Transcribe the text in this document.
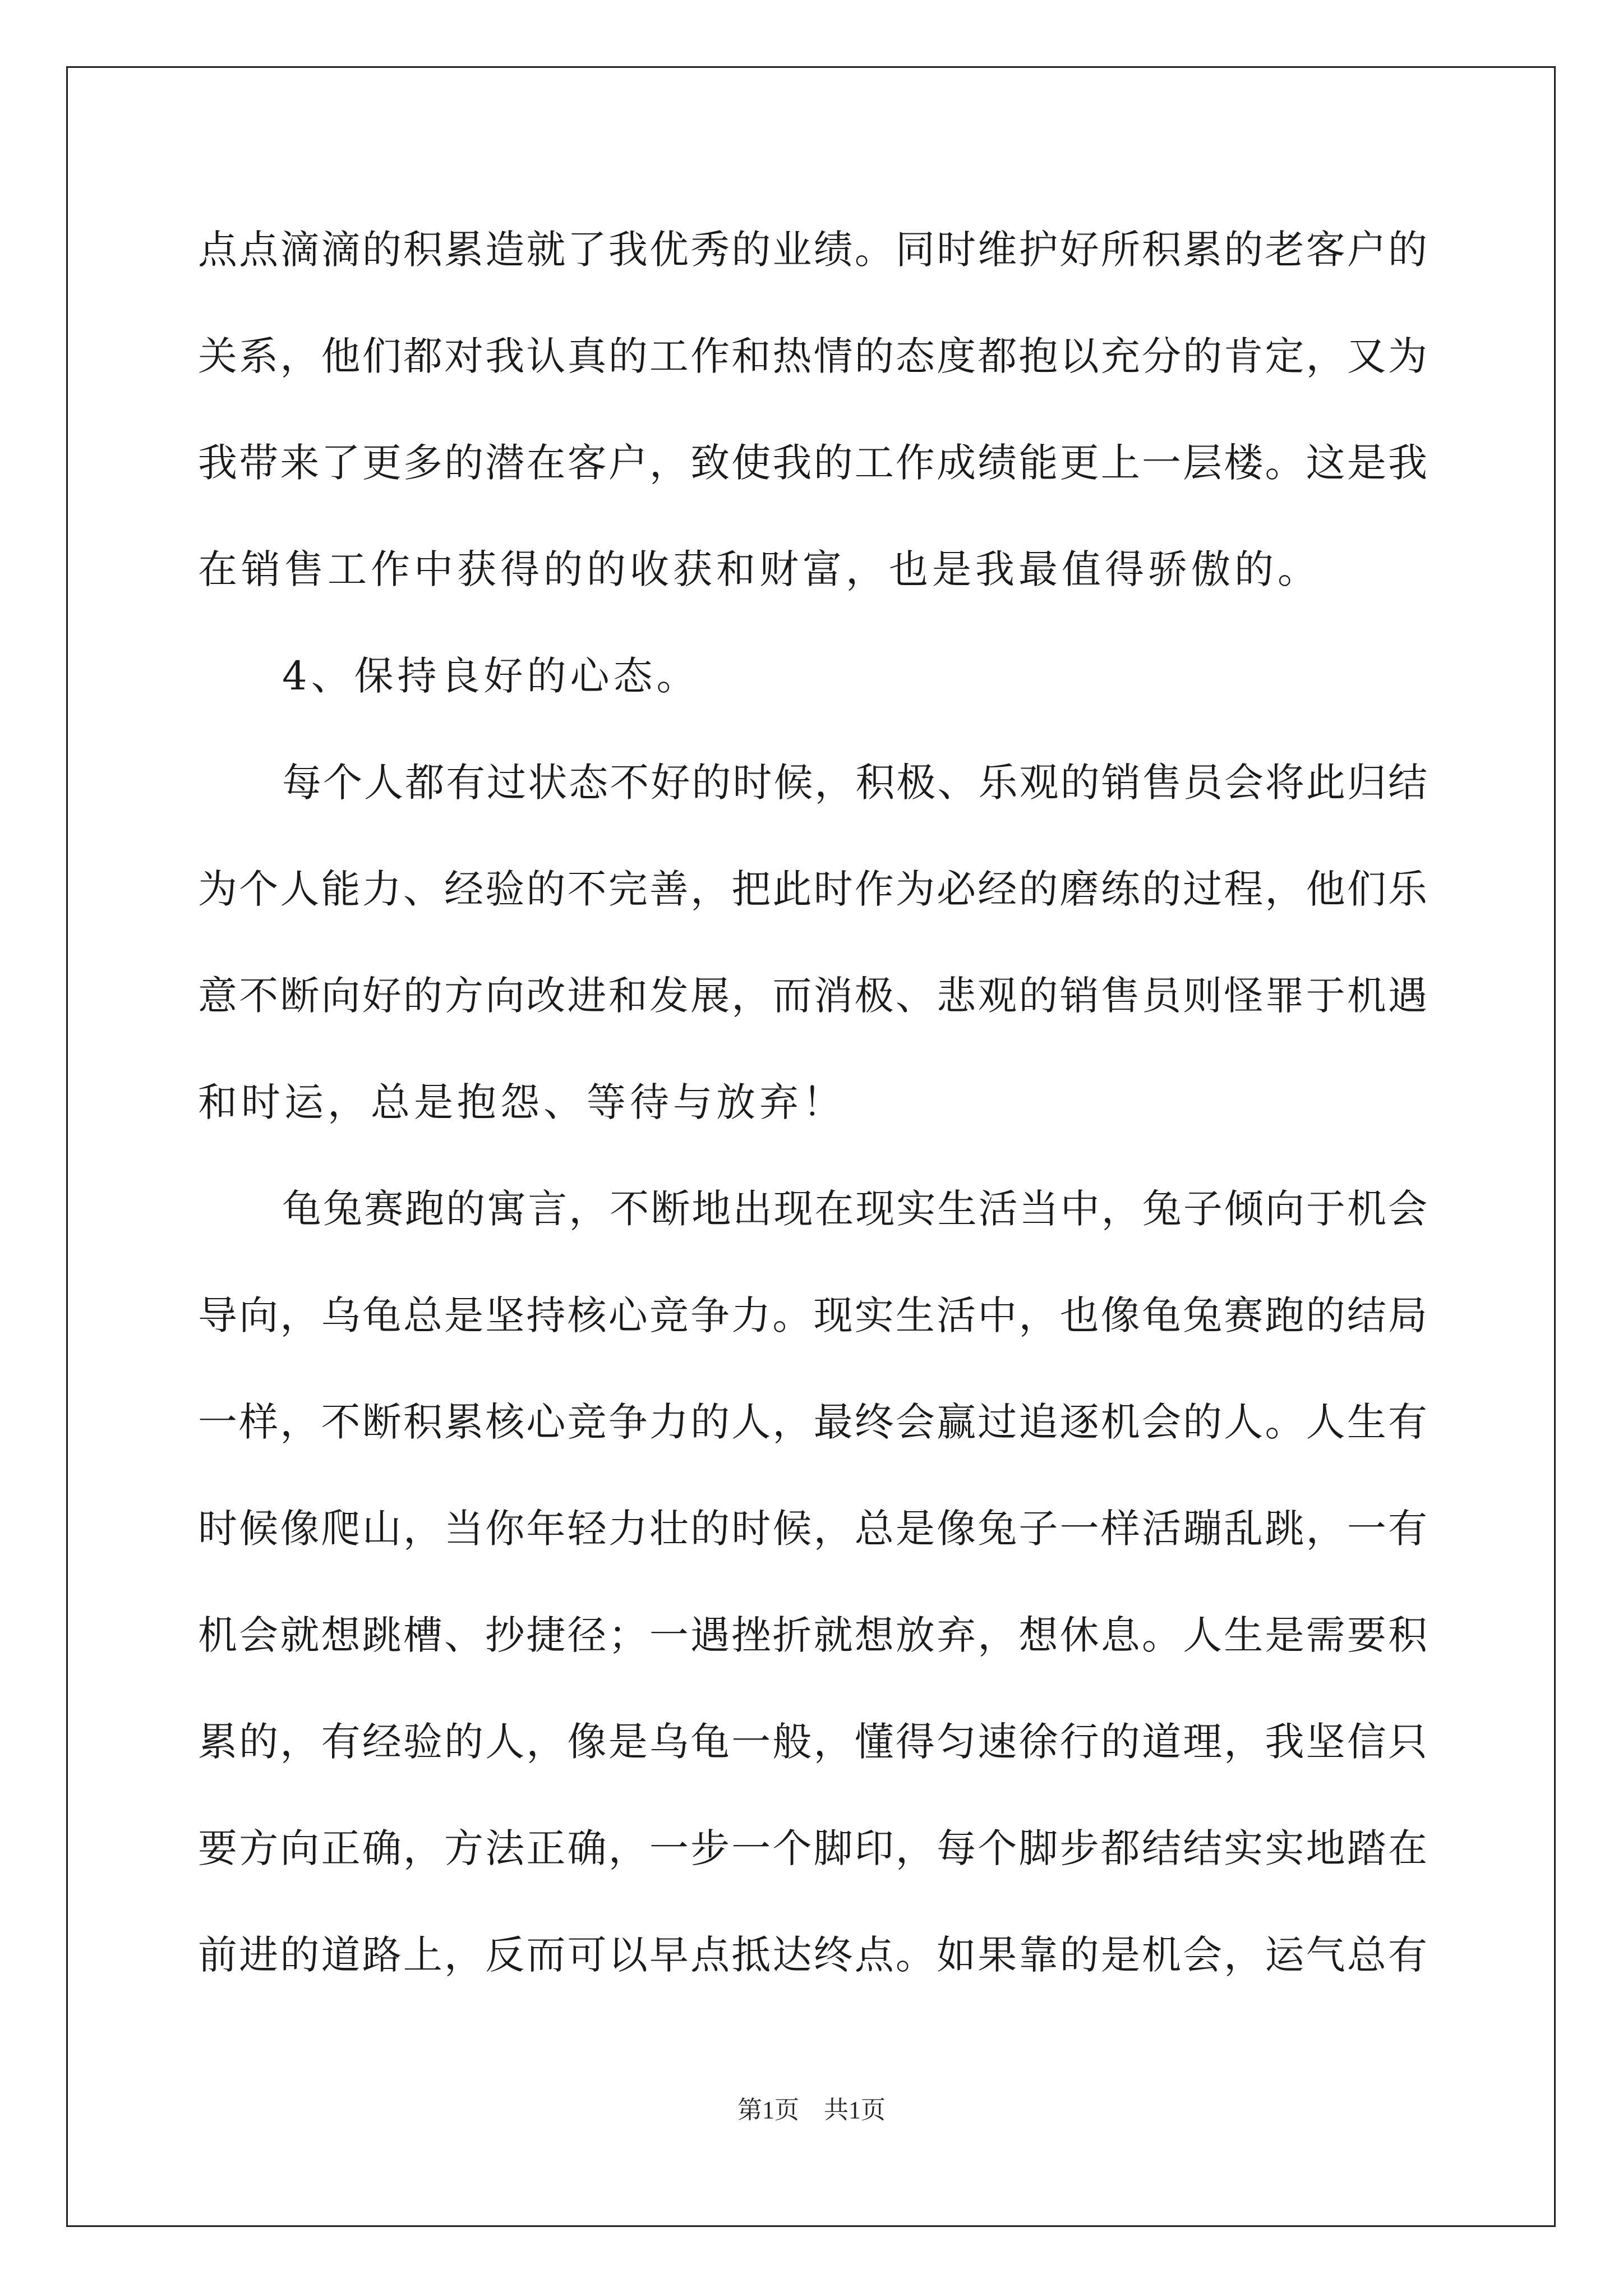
点点滴滴的积累造就了我优秀的业绩。同时维护好所积累的老客户的
关系，他们都对我认真的工作和热情的态度都抱以充分的肯定，又为
我带来了更多的潜在客户，致使我的工作成绩能更上一层楼。这是我
在销售工作中获得的的收获和财富，也是我最值得骄傲的。
4、保持良好的心态。
每个人都有过状态不好的时候，积极、乐观的销售员会将此归结
为个人能力、经验的不完善，把此时作为必经的磨练的过程，他们乐
意不断向好的方向改进和发展，而消极、悲观的销售员则怪罪于机遇
和时运，总是抱怨、等待与放弃！
龟兔赛跑的寓言，不断地出现在现实生活当中，兔子倾向于机会
导向，乌龟总是坚持核心竞争力。现实生活中，也像龟兔赛跑的结局
一样，不断积累核心竞争力的人，最终会赢过追逐机会的人。人生有
时候像爬山，当你年轻力壮的时候，总是像兔子一样活蹦乱跳，一有
机会就想跳槽、抄捷径；一遇挫折就想放弃，想休息。人生是需要积
累的，有经验的人，像是乌龟一般，懂得匀速徐行的道理，我坚信只
要方向正确，方法正确，一步一个脚印，每个脚步都结结实实地踏在
前进的道路上，反而可以早点抵达终点。如果靠的是机会，运气总有
第1页　共1页
